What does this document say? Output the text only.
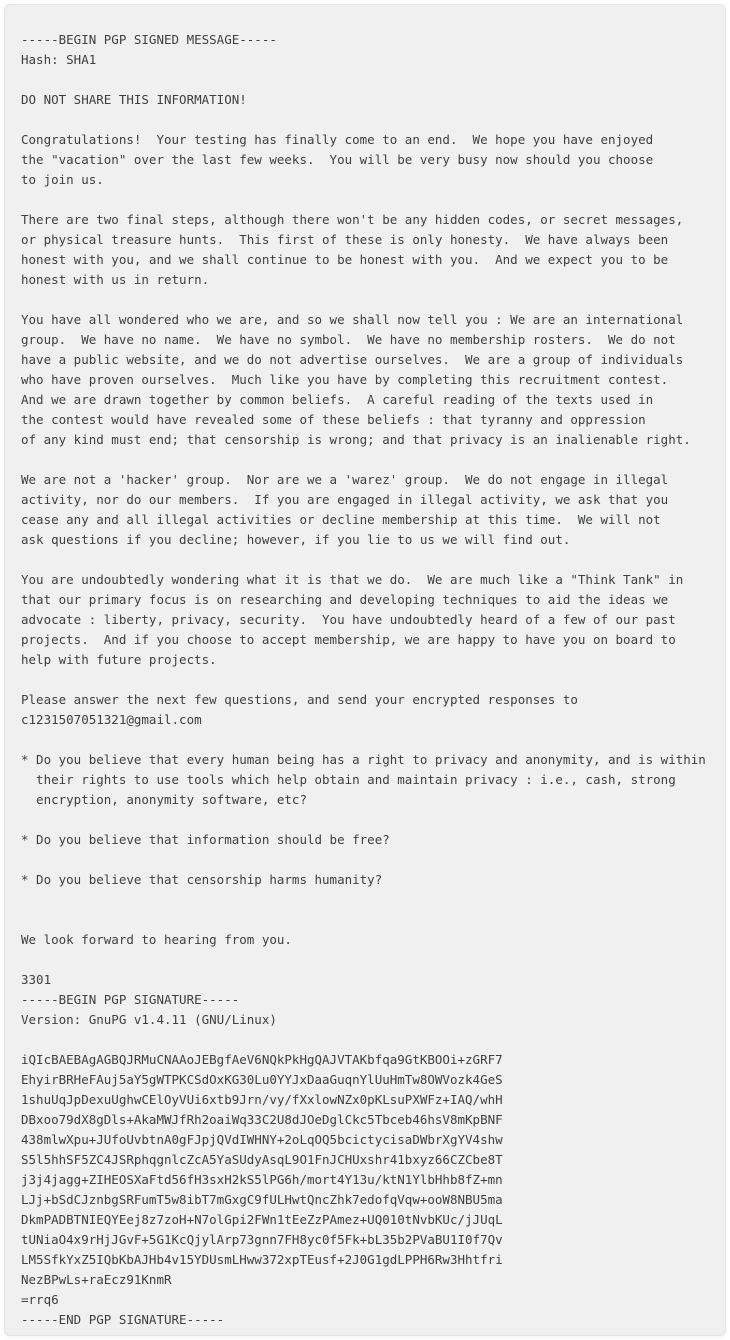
-----BEGIN PGP SIGNED MESSAGE-----
Hash: SHA1

DO NOT SHARE THIS INFORMATION!

Congratulations!  Your testing has finally come to an end.  We hope you have enjoyed
the "vacation" over the last few weeks.  You will be very busy now should you choose
to join us.

There are two final steps, although there won't be any hidden codes, or secret messages,
or physical treasure hunts.  This first of these is only honesty.  We have always been
honest with you, and we shall continue to be honest with you.  And we expect you to be
honest with us in return.

You have all wondered who we are, and so we shall now tell you : We are an international
group.  We have no name.  We have no symbol.  We have no membership rosters.  We do not
have a public website, and we do not advertise ourselves.  We are a group of individuals
who have proven ourselves.  Much like you have by completing this recruitment contest.
And we are drawn together by common beliefs.  A careful reading of the texts used in
the contest would have revealed some of these beliefs : that tyranny and oppression
of any kind must end; that censorship is wrong; and that privacy is an inalienable right.

We are not a 'hacker' group.  Nor are we a 'warez' group.  We do not engage in illegal
activity, nor do our members.  If you are engaged in illegal activity, we ask that you
cease any and all illegal activities or decline membership at this time.  We will not
ask questions if you decline; however, if you lie to us we will find out.

You are undoubtedly wondering what it is that we do.  We are much like a "Think Tank" in
that our primary focus is on researching and developing techniques to aid the ideas we
advocate : liberty, privacy, security.  You have undoubtedly heard of a few of our past
projects.  And if you choose to accept membership, we are happy to have you on board to
help with future projects.

Please answer the next few questions, and send your encrypted responses to
c1231507051321@gmail.com

* Do you believe that every human being has a right to privacy and anonymity, and is within
their rights to use tools which help obtain and maintain privacy : i.e., cash, strong
encryption, anonymity software, etc?

* Do you believe that information should be free?

* Do you believe that censorship harms humanity?

We look forward to hearing from you.

3301
-----BEGIN PGP SIGNATURE-----
Version: GnuPG v1.4.11 (GNU/Linux)

iQIcBAEBAgAGBQJRMuCNAAoJEBgfAeV6NQkPkHgQAJVTAKbfqa9GtKBOOi+zGRF7
EhyirBRHeFAuj5aY5gWTPKCSdOxKG30Lu0YYJxDaaGuqnYlUuHmTw8OWVozk4GeS
1shuUqJpDexuUghwCElOyVUi6xtb9Jrn/vy/fXxlowNZx0pKLsuPXWFz+IAQ/whH
DBxoo79dX8gDls+AkaMWJfRh2oaiWq33C2U8dJOeDglCkc5Tbceb46hsV8mKpBNF
438mlwXpu+JUfoUvbtnA0gFJpjQVdIWHNY+2oLqOQ5bcictycisaDWbrXgYV4shw
S5l5hhSF5ZC4JSRphqgnlcZcA5YaSUdyAsqL9O1FnJCHUxshr41bxyz66CZCbe8T
j3j4jagg+ZIHEOSXaFtd56fH3sxH2kS5lPG6h/mort4Y13u/ktN1YlbHhb8fZ+mn
LJj+bSdCJznbgSRFumT5w8ibT7mGxgC9fULHwtQncZhk7edofqVqw+ooW8NBU5ma
DkmPADBTNIEQYEej8z7zoH+N7olGpi2FWn1tEeZzPAmez+UQ010tNvbKUc/jJUqL
tUNiaO4x9rHjJGvF+5G1KcQjylArp73gnn7FH8yc0f5Fk+bL35b2PVaBU1I0f7Qv
LM5SfkYxZ5IQbKbAJHb4v15YDUsmLHww372xpTEusf+2J0G1gdLPPH6Rw3Hhtfri
NezBPwLs+raEcz91KnmR
=rrq6
-----END PGP SIGNATURE-----
